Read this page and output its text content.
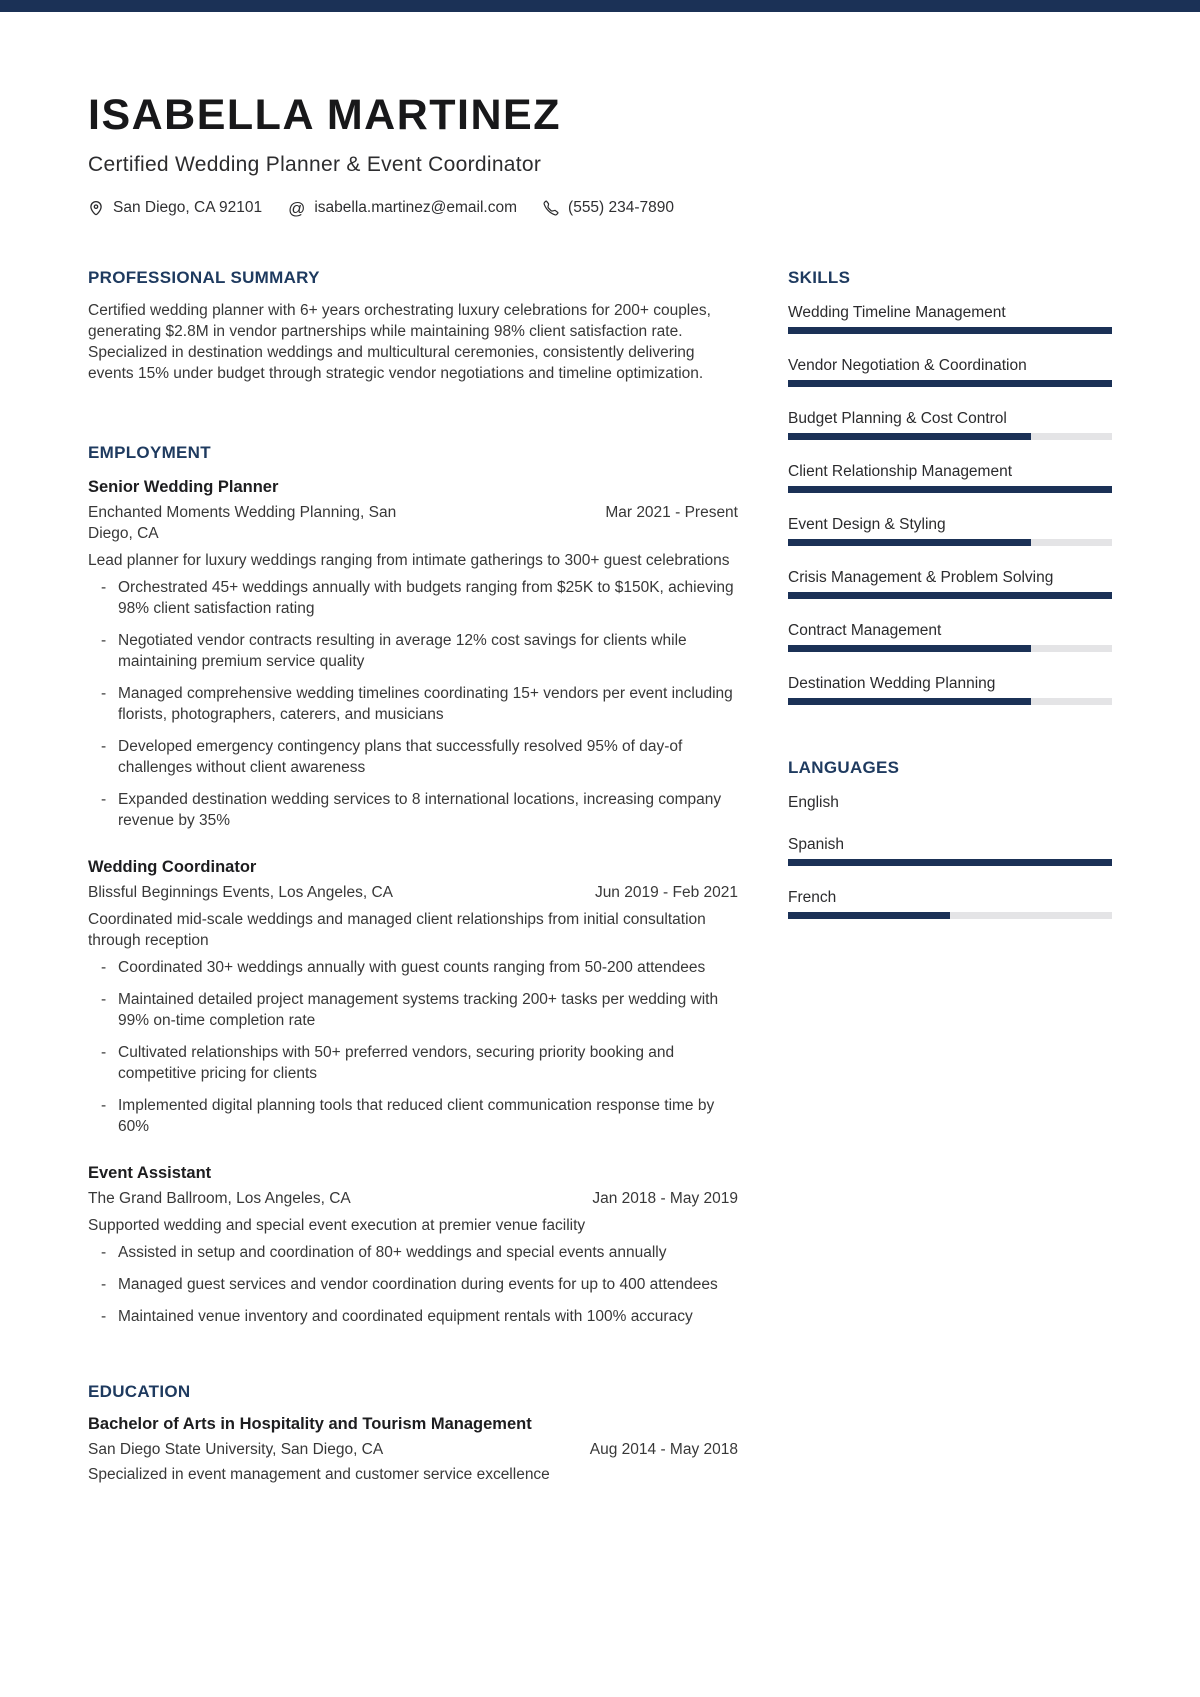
ISABELLA MARTINEZ
Certified Wedding Planner & Event Coordinator
San Diego, CA 92101 @ isabella.martinez@email.com	(555) 234-7890
PROFESSIONAL SUMMARY

Certified wedding planner with 6+ years orchestrating luxury celebrations for 200+ couples, generating $2.8M in vendor partnerships while maintaining 98% client satisfaction rate. Specialized in destination weddings and multicultural ceremonies, consistently delivering events 15% under budget through strategic vendor negotiations and timeline optimization.

EMPLOYMENT
Senior Wedding Planner
Enchanted Moments Wedding Planning, San Diego, CA
Mar 2021 - Present
Lead planner for luxury weddings ranging from intimate gatherings to 300+ guest celebrations
- Orchestrated 45+ weddings annually with budgets ranging from $25K to $150K, achieving 98% client satisfaction rating
- Negotiated vendor contracts resulting in average 12% cost savings for clients while maintaining premium service quality
- Managed comprehensive wedding timelines coordinating 15+ vendors per event including florists, photographers, caterers, and musicians
- Developed emergency contingency plans that successfully resolved 95% of day-of challenges without client awareness
- Expanded destination wedding services to 8 international locations, increasing company revenue by 35%
Wedding Coordinator
Blissful Beginnings Events, Los Angeles, CA	Jun 2019 - Feb 2021
Coordinated mid-scale weddings and managed client relationships from initial consultation through reception
- Coordinated 30+ weddings annually with guest counts ranging from 50-200 attendees
- Maintained detailed project management systems tracking 200+ tasks per wedding with 99% on-time completion rate
- Cultivated relationships with 50+ preferred vendors, securing priority booking and competitive pricing for clients
- Implemented digital planning tools that reduced client communication response time by 60%
Event Assistant
The Grand Ballroom, Los Angeles, CA	Jan 2018 - May 2019
Supported wedding and special event execution at premier venue facility
- Assisted in setup and coordination of 80+ weddings and special events annually
- Managed guest services and vendor coordination during events for up to 400 attendees
- Maintained venue inventory and coordinated equipment rentals with 100% accuracy
EDUCATION
Bachelor of Arts in Hospitality and Tourism Management
San Diego State University, San Diego, CA	Aug 2014 - May 2018
Specialized in event management and customer service excellence
SKILLS
Wedding Timeline Management
Vendor Negotiation & Coordination
Budget Planning & Cost Control
Client Relationship Management
Event Design & Styling
Crisis Management & Problem Solving
Contract Management
Destination Wedding Planning
LANGUAGES
English
Spanish
French
